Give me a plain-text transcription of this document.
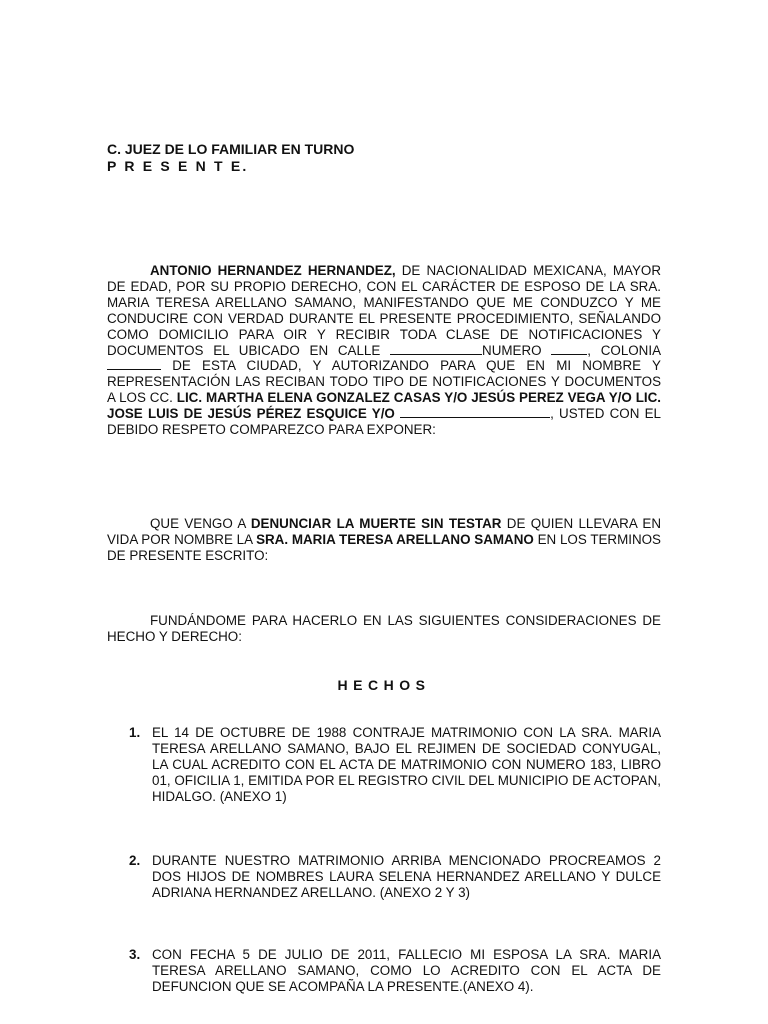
C. JUEZ DE LO FAMILIAR EN TURNO
P R E S E N T E.
ANTONIO HERNANDEZ HERNANDEZ, DE NACIONALIDAD MEXICANA, MAYOR DE EDAD, POR SU PROPIO DERECHO, CON EL CARÁCTER DE ESPOSO DE LA SRA. MARIA TERESA ARELLANO SAMANO, MANIFESTANDO QUE ME CONDUZCO Y ME CONDUCIRE CON VERDAD DURANTE EL PRESENTE PROCEDIMIENTO, SEÑALANDO COMO DOMICILIO PARA OIR Y RECIBIR TODA CLASE DE NOTIFICACIONES Y DOCUMENTOS EL UBICADO EN CALLE	NUMERO	, COLONIA  DE ESTA CIUDAD, Y AUTORIZANDO PARA QUE EN MI NOMBRE Y REPRESENTACIÓN LAS RECIBAN TODO TIPO DE NOTIFICACIONES Y DOCUMENTOS A LOS CC. LIC. MARTHA ELENA GONZALEZ CASAS Y/O JESÚS PEREZ VEGA Y/O LIC. JOSE LUIS DE JESÚS PÉREZ ESQUICE Y/O	, USTED CON EL DEBIDO RESPETO COMPAREZCO PARA EXPONER:
QUE VENGO A DENUNCIAR LA MUERTE SIN TESTAR DE QUIEN LLEVARA EN VIDA POR NOMBRE LA SRA. MARIA TERESA ARELLANO SAMANO EN LOS TERMINOS DE PRESENTE ESCRITO:
FUNDÁNDOME PARA HACERLO EN LAS SIGUIENTES CONSIDERACIONES DE HECHO Y DERECHO:
HECHOS
1. EL 14 DE OCTUBRE DE 1988 CONTRAJE MATRIMONIO CON LA SRA. MARIA TERESA ARELLANO SAMANO, BAJO EL REJIMEN DE SOCIEDAD CONYUGAL, LA CUAL ACREDITO CON EL ACTA DE MATRIMONIO CON NUMERO 183, LIBRO 01, OFICILIA 1, EMITIDA POR EL REGISTRO CIVIL DEL MUNICIPIO DE ACTOPAN, HIDALGO. (ANEXO 1)
2. DURANTE NUESTRO MATRIMONIO ARRIBA MENCIONADO PROCREAMOS 2 DOS HIJOS DE NOMBRES LAURA SELENA HERNANDEZ ARELLANO Y DULCE ADRIANA HERNANDEZ ARELLANO. (ANEXO 2 Y 3)
3. CON FECHA 5 DE JULIO DE 2011, FALLECIO MI ESPOSA LA SRA. MARIA TERESA ARELLANO SAMANO, COMO LO ACREDITO CON EL ACTA DE DEFUNCION QUE SE ACOMPAÑA LA PRESENTE.(ANEXO 4).
